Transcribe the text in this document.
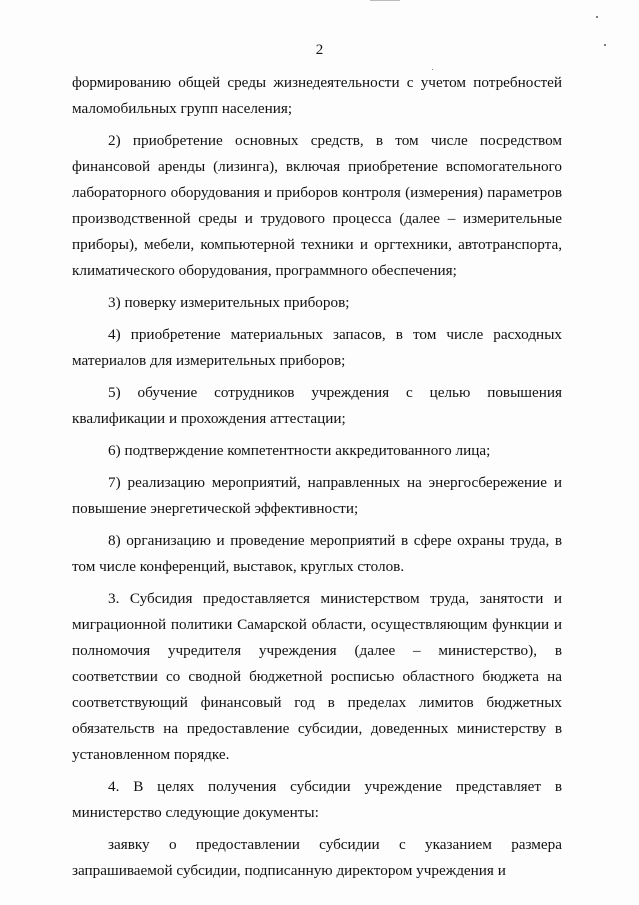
2

формированию общей среды жизнедеятельности с учетом потребностей маломобильных групп населения;

2) приобретение основных средств, в том числе посредством финансовой аренды (лизинга), включая приобретение вспомогательного лабораторного оборудования и приборов контроля (измерения) параметров производственной среды и трудового процесса (далее – измерительные приборы), мебели, компьютерной техники и оргтехники, автотранспорта, климатического оборудования, программного обеспечения;

3) поверку измерительных приборов;

4) приобретение материальных запасов, в том числе расходных материалов для измерительных приборов;

5) обучение сотрудников учреждения с целью повышения квалификации и прохождения аттестации;

6) подтверждение компетентности аккредитованного лица;

7) реализацию мероприятий, направленных на энергосбережение и повышение энергетической эффективности;

8) организацию и проведение мероприятий в сфере охраны труда, в том числе конференций, выставок, круглых столов.

3. Субсидия предоставляется министерством труда, занятости и миграционной политики Самарской области, осуществляющим функции и полномочия учредителя учреждения (далее – министерство), в соответствии со сводной бюджетной росписью областного бюджета на соответствующий финансовый год в пределах лимитов бюджетных обязательств на предоставление субсидии, доведенных министерству в установленном порядке.

4. В целях получения субсидии учреждение представляет в министерство следующие документы:

заявку о предоставлении субсидии с указанием размера запрашиваемой субсидии, подписанную директором учреждения и
